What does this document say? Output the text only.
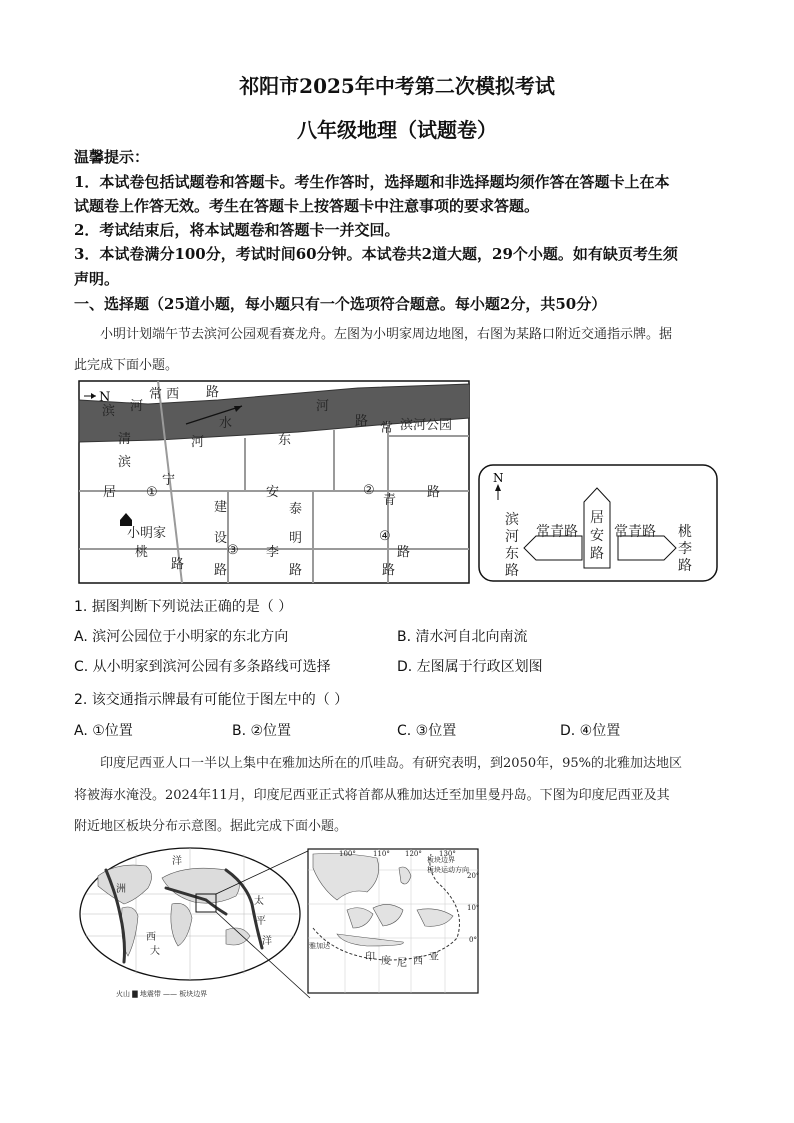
祁阳市2025年中考第二次模拟考试
八年级地理（试题卷）
温馨提示：
1．本试卷包括试题卷和答题卡。考生作答时，选择题和非选择题均须作答在答题卡上在本
试题卷上作答无效。考生在答题卡上按答题卡中注意事项的要求答题。
2．考试结束后，将本试题卷和答题卡一并交回。
3．本试卷满分100分，考试时间60分钟。本试卷共2道大题，29个小题。如有缺页考生须
声明。
一、选择题（25道小题，每小题只有一个选项符合题意。每小题2分，共50分）
小明计划端午节去滨河公园观看赛龙舟。左图为小明家周边地图，右图为某路口附近交通指示牌。据
此完成下面小题。
N	常 西 路
滨 河
清
滨
水
河
河
路
东
常 滨河公园
居
宁
安
青
路
建	泰
小明家
桃
设
李
明
路 路	路	路
路
①	②
③
④
N
常青路	常青路
居
安
路
滨
河
东
路
桃
李
路
1. 据图判断下列说法正确的是（ ）
A. 滨河公园位于小明家的东北方向	B. 清水河自北向南流
C. 从小明家到滨河公园有多条路线可选择	D. 左图属于行政区划图
2. 该交通指示牌最有可能位于图左中的（ ）
A. ①位置	B. ②位置	C. ③位置	D. ④位置
印度尼西亚人口一半以上集中在雅加达所在的爪哇岛。有研究表明，到2050年，95%的北雅加达地区
将被海水淹没。2024年11月，印度尼西亚正式将首都从雅加达迁至加里曼丹岛。下图为印度尼西亚及其
附近地区板块分布示意图。据此完成下面小题。
洋
太
平
洋
洲
西
大
火山 ▇ 地震带 —— 板块边界
100° 110° 120° 130°
20°
10°
0°
板块边界
板块运动方向
雅加达
印 度 尼 西 亚
